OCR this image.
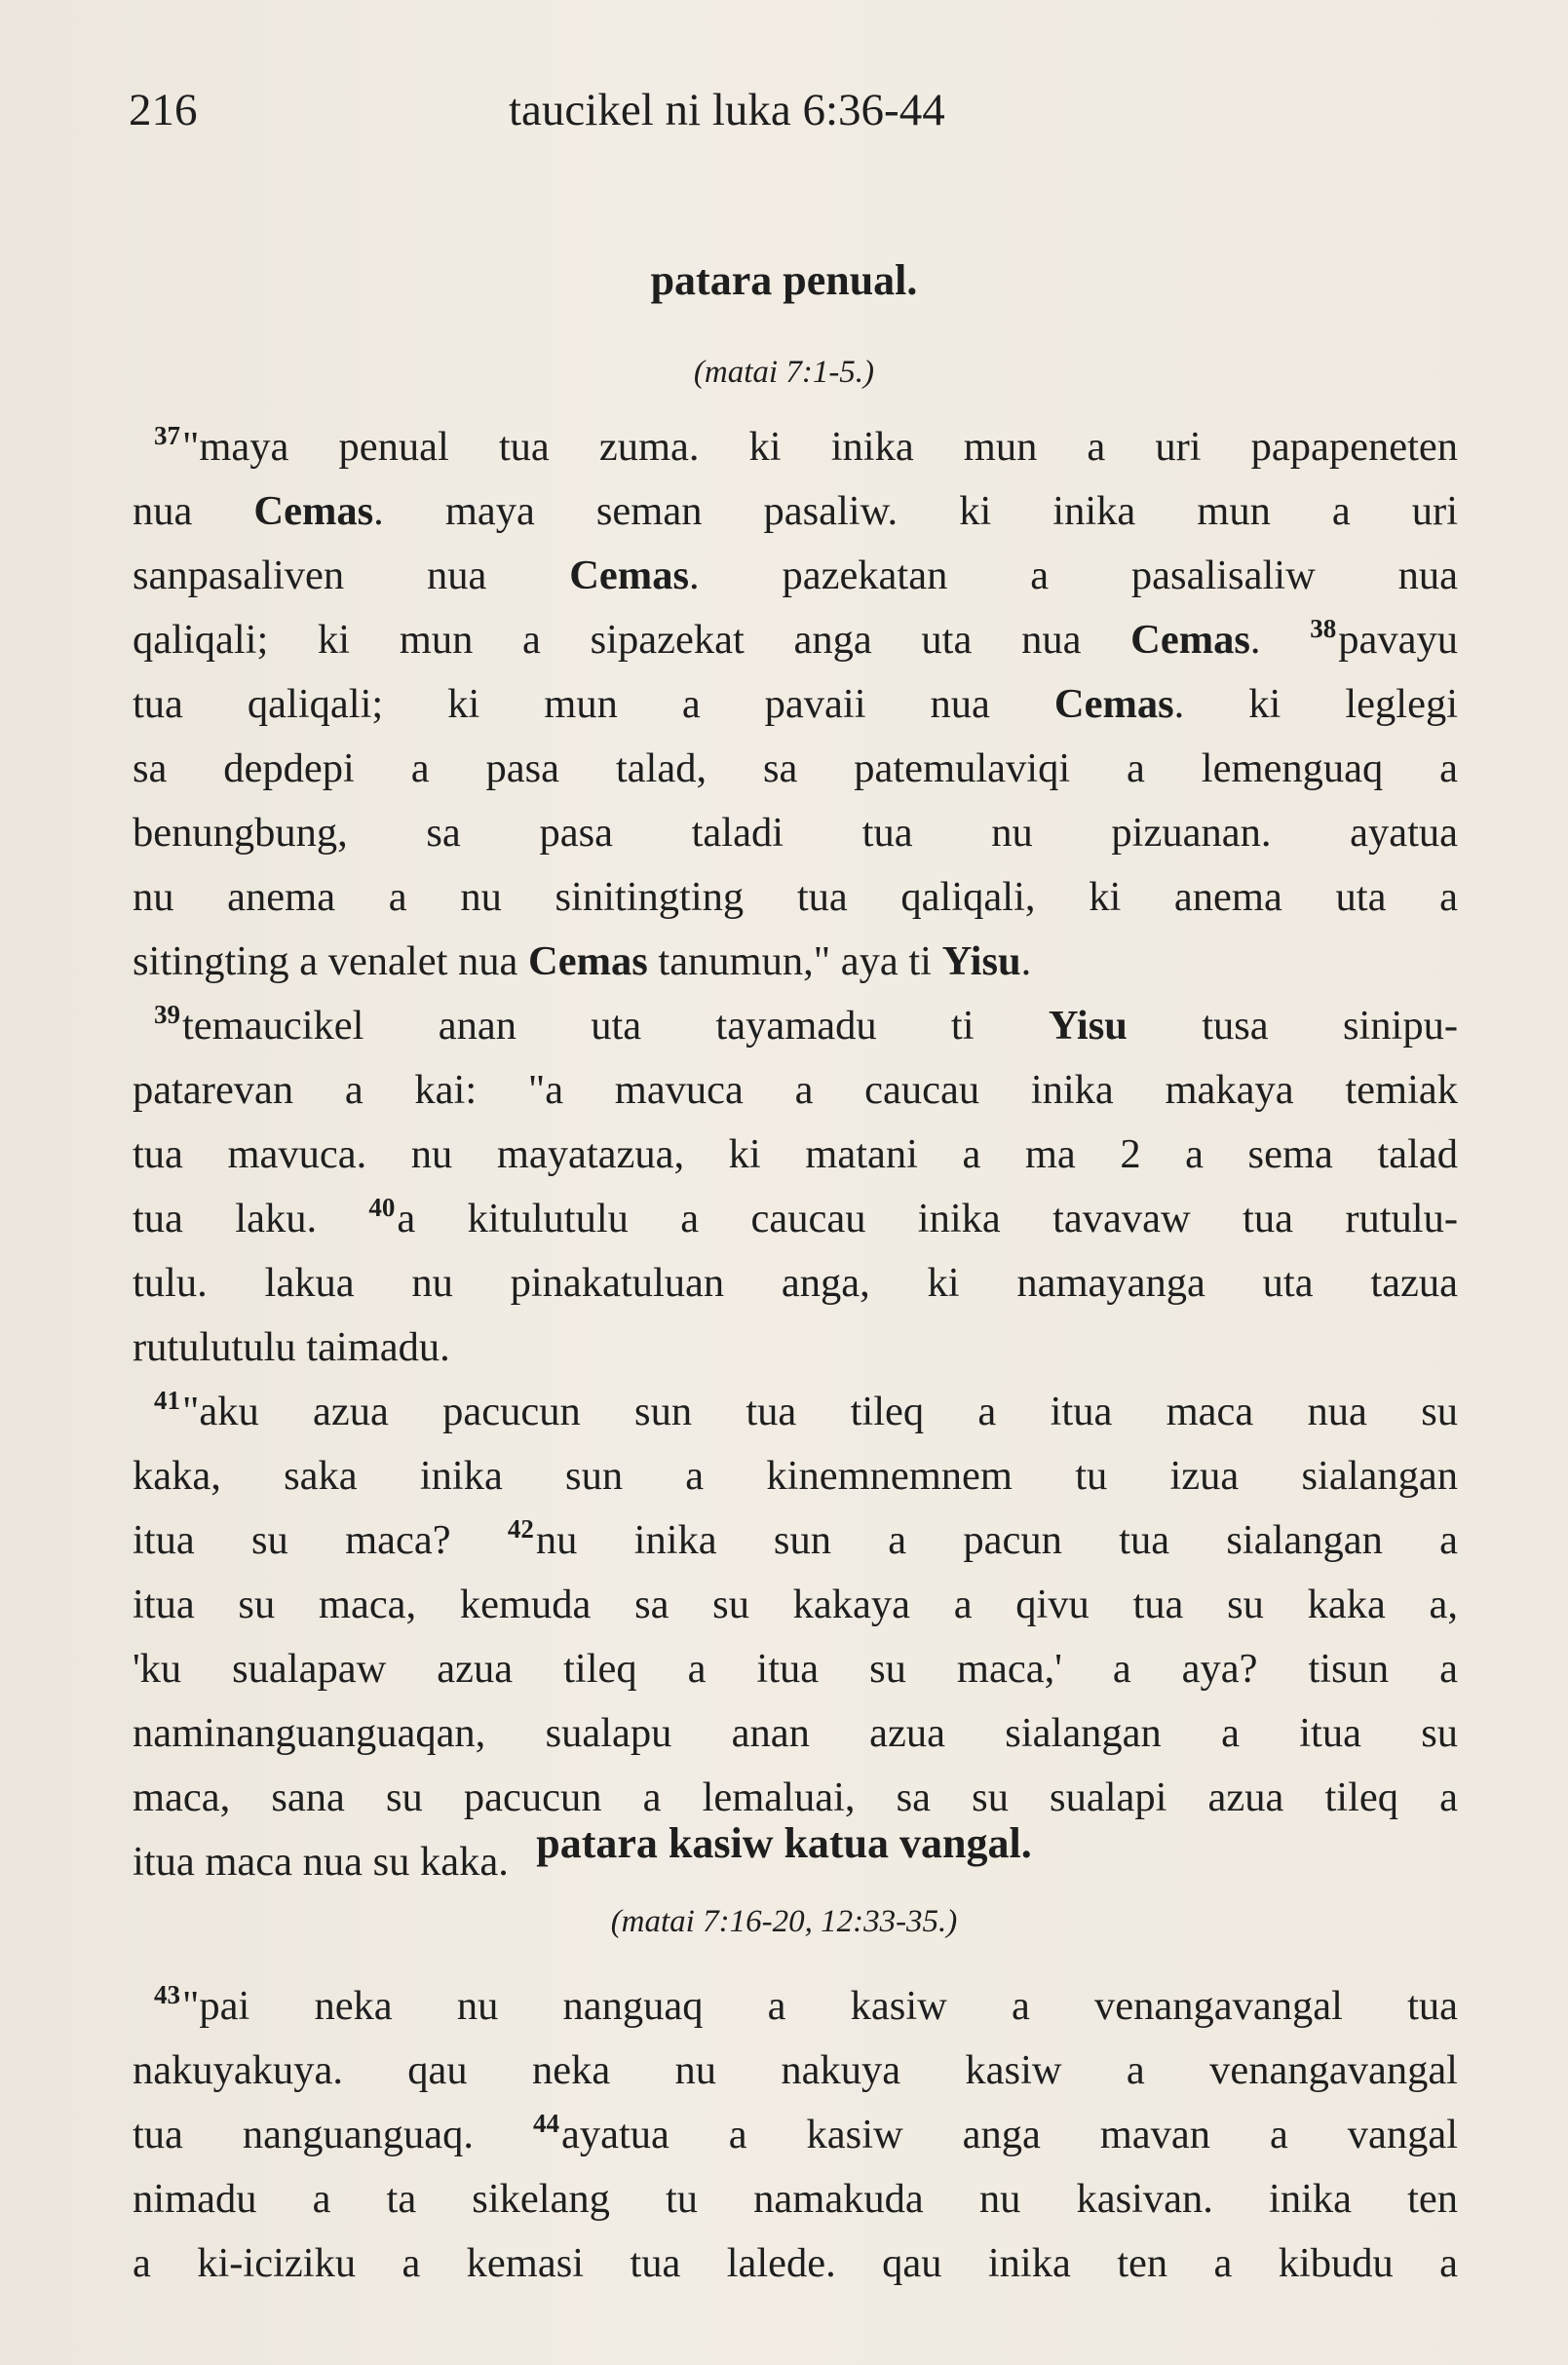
216	taucikel ni luka 6:36-44
patara penual.
(matai 7:1-5.)
$^{37}$"maya penual tua zuma. ki inika mun a uri papapeneten
nua Cemas. maya seman pasaliw. ki inika mun a uri
sanpasaliven nua Cemas. pazekatan a pasalisaliw nua
qaliqali; ki mun a sipazekat anga uta nua Cemas. $^{38}$pavayu
tua qaliqali; ki mun a pavaii nua Cemas. ki leglegi
sa depdepi a pasa talad, sa patemulaviqi a lemenguaq a
benungbung, sa pasa taladi tua nu pizuanan. ayatua
nu anema a nu sinitingting tua qaliqali, ki anema uta a
sitingting a venalet nua Cemas tanumun," aya ti Yisu.
$^{39}$temaucikel anan uta tayamadu ti Yisu tusa sinipu-
patarevan a kai: "a mavuca a caucau inika makaya temiak
tua mavuca. nu mayatazua, ki matani a ma 2 a sema talad
tua laku. $^{40}$a kitulutulu a caucau inika tavavaw tua rutulu-
tulu. lakua nu pinakatuluan anga, ki namayanga uta tazua
rutulutulu taimadu.
$^{41}$"aku azua pacucun sun tua tileq a itua maca nua su
kaka, saka inika sun a kinemnemnem tu izua sialangan
itua su maca? $^{42}$nu inika sun a pacun tua sialangan a
itua su maca, kemuda sa su kakaya a qivu tua su kaka a,
'ku sualapaw azua tileq a itua su maca,' a aya? tisun a
naminanguanguaqan, sualapu anan azua sialangan a itua su
maca, sana su pacucun a lemaluai, sa su sualapi azua tileq a
itua maca nua su kaka. patara kasiw katua vangal.
(matai 7:16-20, 12:33-35.)
$^{43}$"pai neka nu nanguaq a kasiw a venangavangal tua
nakuyakuya. qau neka nu nakuya kasiw a venangavangal
tua nanguanguaq. $^{44}$ayatua a kasiw anga mavan a vangal
nimadu a ta sikelang tu namakuda nu kasivan. inika ten
a ki-iciziku a kemasi tua lalede. qau inika ten a kibudu a
